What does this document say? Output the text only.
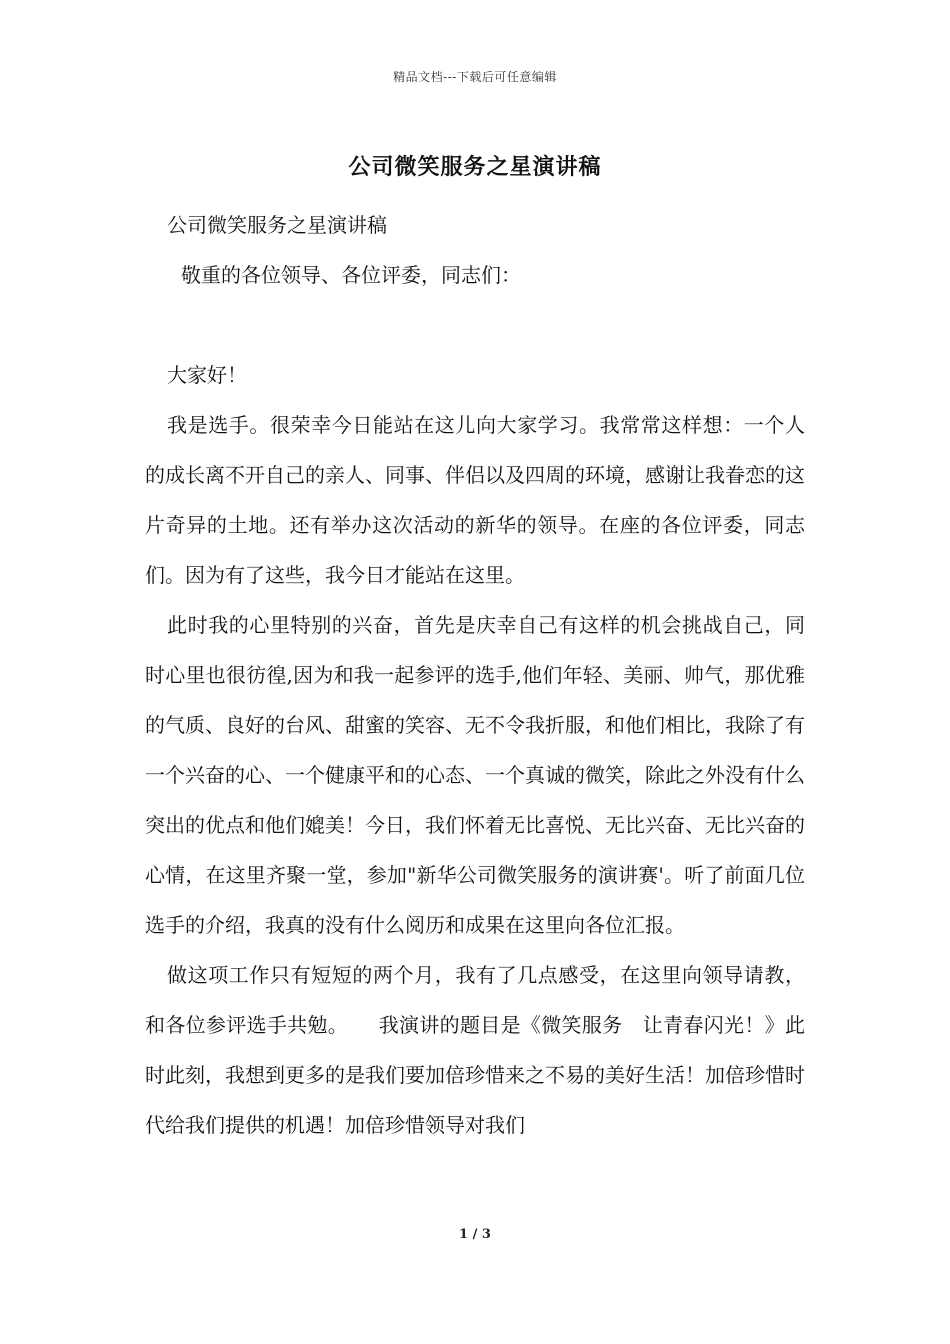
精品文档---下载后可任意编辑
公司微笑服务之星演讲稿

公司微笑服务之星演讲稿

敬重的各位领导、各位评委，同志们：

大家好！

我是选手。很荣幸今日能站在这儿向大家学习。我常常这样想：一个人的成长离不开自己的亲人、同事、伴侣以及四周的环境，感谢让我眷恋的这片奇异的土地。还有举办这次活动的新华的领导。在座的各位评委，同志们。因为有了这些，我今日才能站在这里。

此时我的心里特别的兴奋，首先是庆幸自己有这样的机会挑战自己，同时心里也很彷徨,因为和我一起参评的选手,他们年轻、美丽、帅气，那优雅的气质、良好的台风、甜蜜的笑容、无不令我折服，和他们相比，我除了有一个兴奋的心、一个健康平和的心态、一个真诚的微笑，除此之外没有什么突出的优点和他们媲美！今日，我们怀着无比喜悦、无比兴奋、无比兴奋的心情，在这里齐聚一堂，参加"新华公司微笑服务的演讲赛'。听了前面几位选手的介绍，我真的没有什么阅历和成果在这里向各位汇报。

做这项工作只有短短的两个月，我有了几点感受，在这里向领导请教，和各位参评选手共勉。　　我演讲的题目是《微笑服务　让青春闪光！》此时此刻，我想到更多的是我们要加倍珍惜来之不易的美好生活！加倍珍惜时代给我们提供的机遇！加倍珍惜领导对我们

1 / 3
